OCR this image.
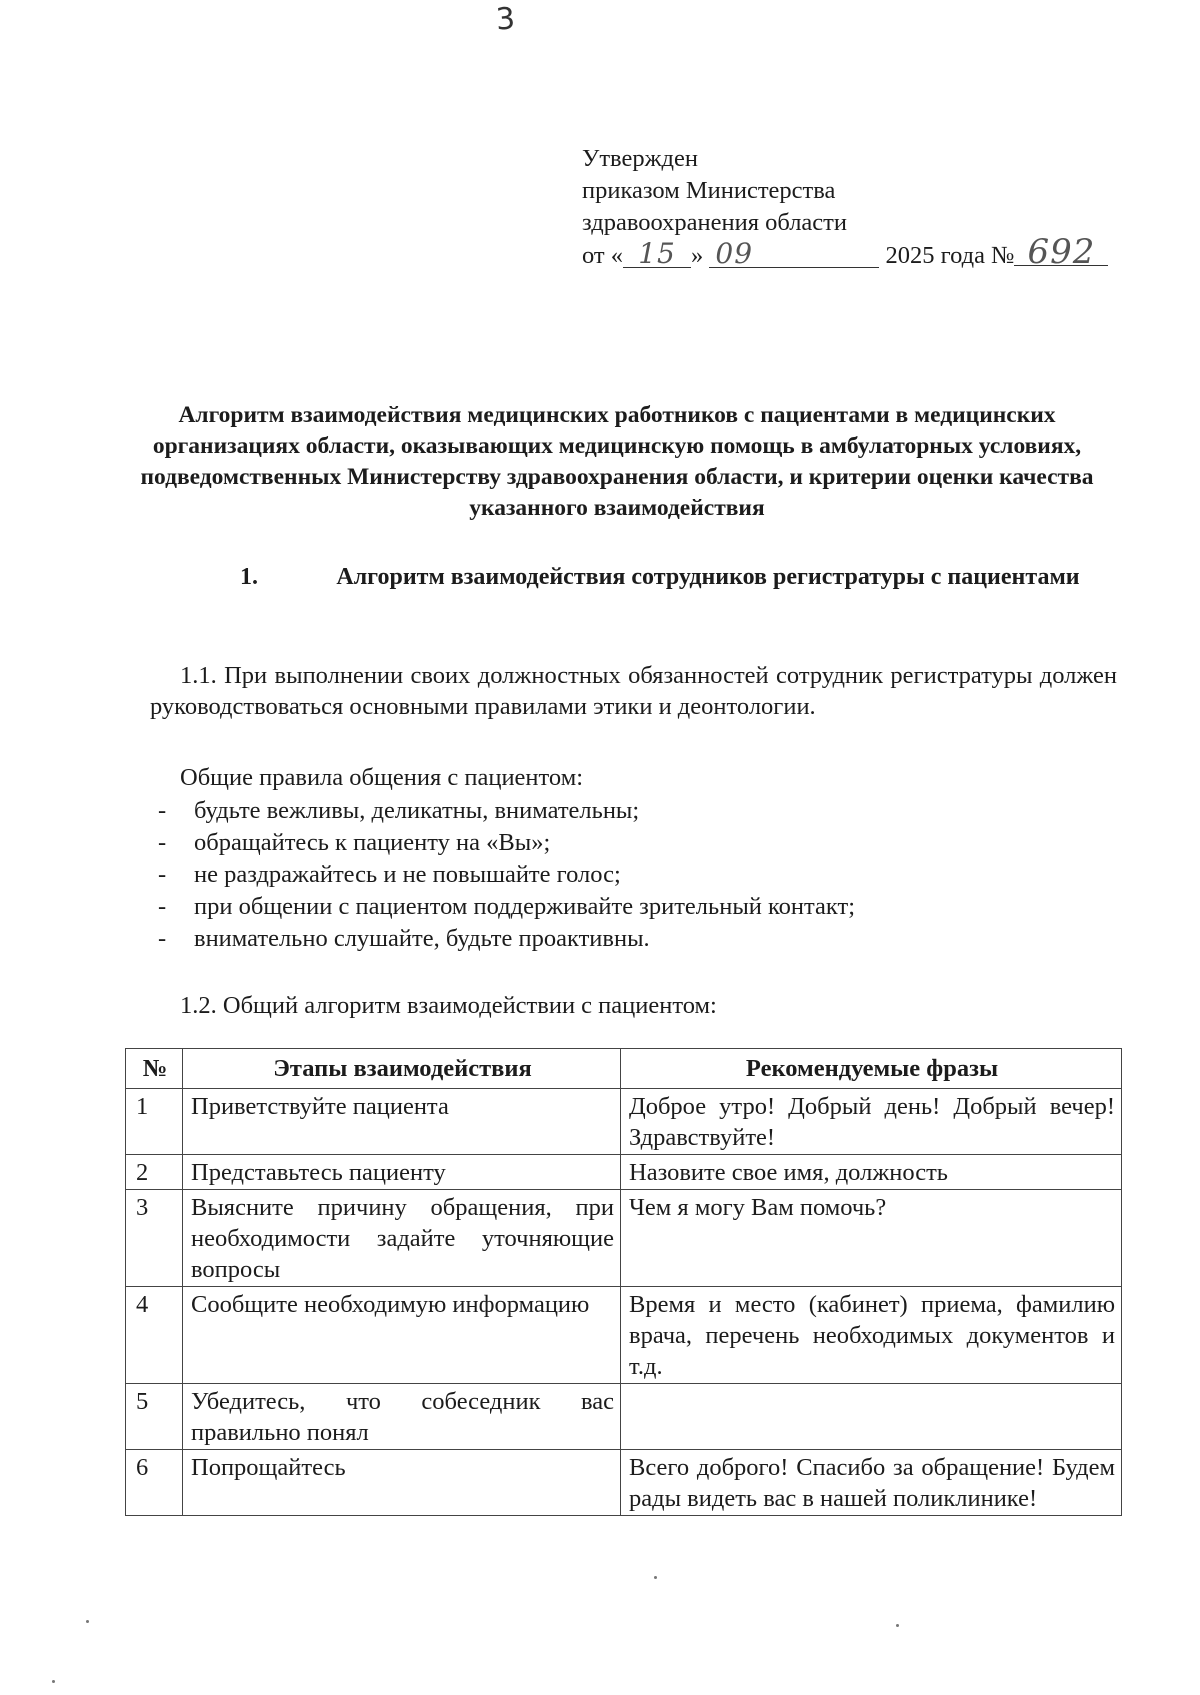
3
Утвержден
приказом Министерства
здравоохранения области
от « 15 » 09	2025 года № 692
Алгоритм взаимодействия медицинских работников с пациентами в медицинских организациях области, оказывающих медицинскую помощь в амбулаторных условиях, подведомственных Министерству здравоохранения области, и критерии оценки качества указанного взаимодействия
1.	Алгоритм взаимодействия сотрудников регистратуры с пациентами
1.1. При выполнении своих должностных обязанностей сотрудник регистратуры должен руководствоваться основными правилами этики и деонтологии.
Общие правила общения с пациентом:
- будьте вежливы, деликатны, внимательны;
- обращайтесь к пациенту на «Вы»;
- не раздражайтесь и не повышайте голос;
- при общении с пациентом поддерживайте зрительный контакт;
- внимательно слушайте, будьте проактивны.
1.2. Общий алгоритм взаимодействии с пациентом:
№	Этапы взаимодействия	Рекомендуемые фразы
1	Приветствуйте пациента	Доброе утро! Добрый день! Добрый вечер! Здравствуйте!
2	Представьтесь пациенту	Назовите свое имя, должность
3	Выясните причину обращения, при необходимости задайте уточняющие вопросы	Чем я могу Вам помочь?
4	Сообщите необходимую информацию	Время и место (кабинет) приема, фамилию врача, перечень необходимых документов и т.д.
5	Убедитесь, что собеседник вас правильно понял	
6	Попрощайтесь	Всего доброго! Спасибо за обращение! Будем рады видеть вас в нашей поликлинике!
